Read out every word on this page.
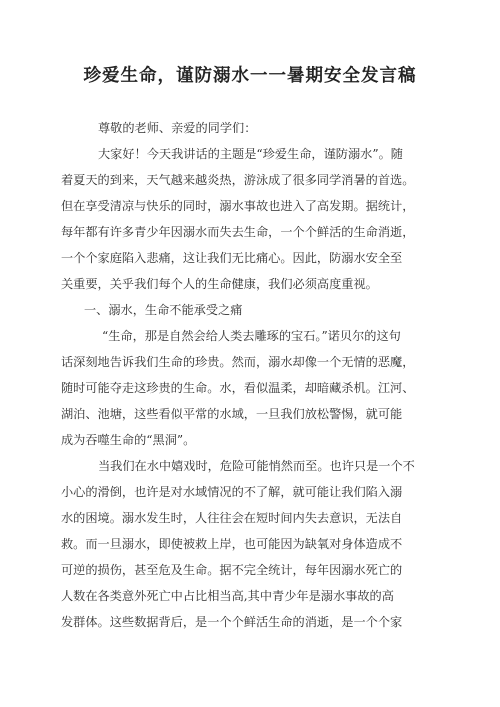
珍爱生命，谨防溺水一一暑期安全发言稿
尊敬的老师、亲爱的同学们：
大家好！今天我讲话的主题是“珍爱生命，谨防溺水”。随
着夏天的到来，天气越来越炎热，游泳成了很多同学消暑的首选。
但在享受清凉与快乐的同时，溺水事故也进入了高发期。据统计，
每年都有许多青少年因溺水而失去生命，一个个鲜活的生命消逝，
一个个家庭陷入悲痛，这让我们无比痛心。因此，防溺水安全至
关重要，关乎我们每个人的生命健康，我们必须高度重视。
一、溺水，生命不能承受之痛
“生命，那是自然会给人类去雕琢的宝石。”诺贝尔的这句
话深刻地告诉我们生命的珍贵。然而，溺水却像一个无情的恶魔，
随时可能夺走这珍贵的生命。水，看似温柔，却暗藏杀机。江河、
湖泊、池塘，这些看似平常的水域，一旦我们放松警惕，就可能
成为吞噬生命的“黑洞”。
当我们在水中嬉戏时，危险可能悄然而至。也许只是一个不
小心的滑倒，也许是对水域情况的不了解，就可能让我们陷入溺
水的困境。溺水发生时，人往往会在短时间内失去意识，无法自
救。而一旦溺水，即使被救上岸，也可能因为缺氧对身体造成不
可逆的损伤，甚至危及生命。据不完全统计，每年因溺水死亡的
人数在各类意外死亡中占比相当高,其中青少年是溺水事故的高
发群体。这些数据背后，是一个个鲜活生命的消逝，是一个个家
